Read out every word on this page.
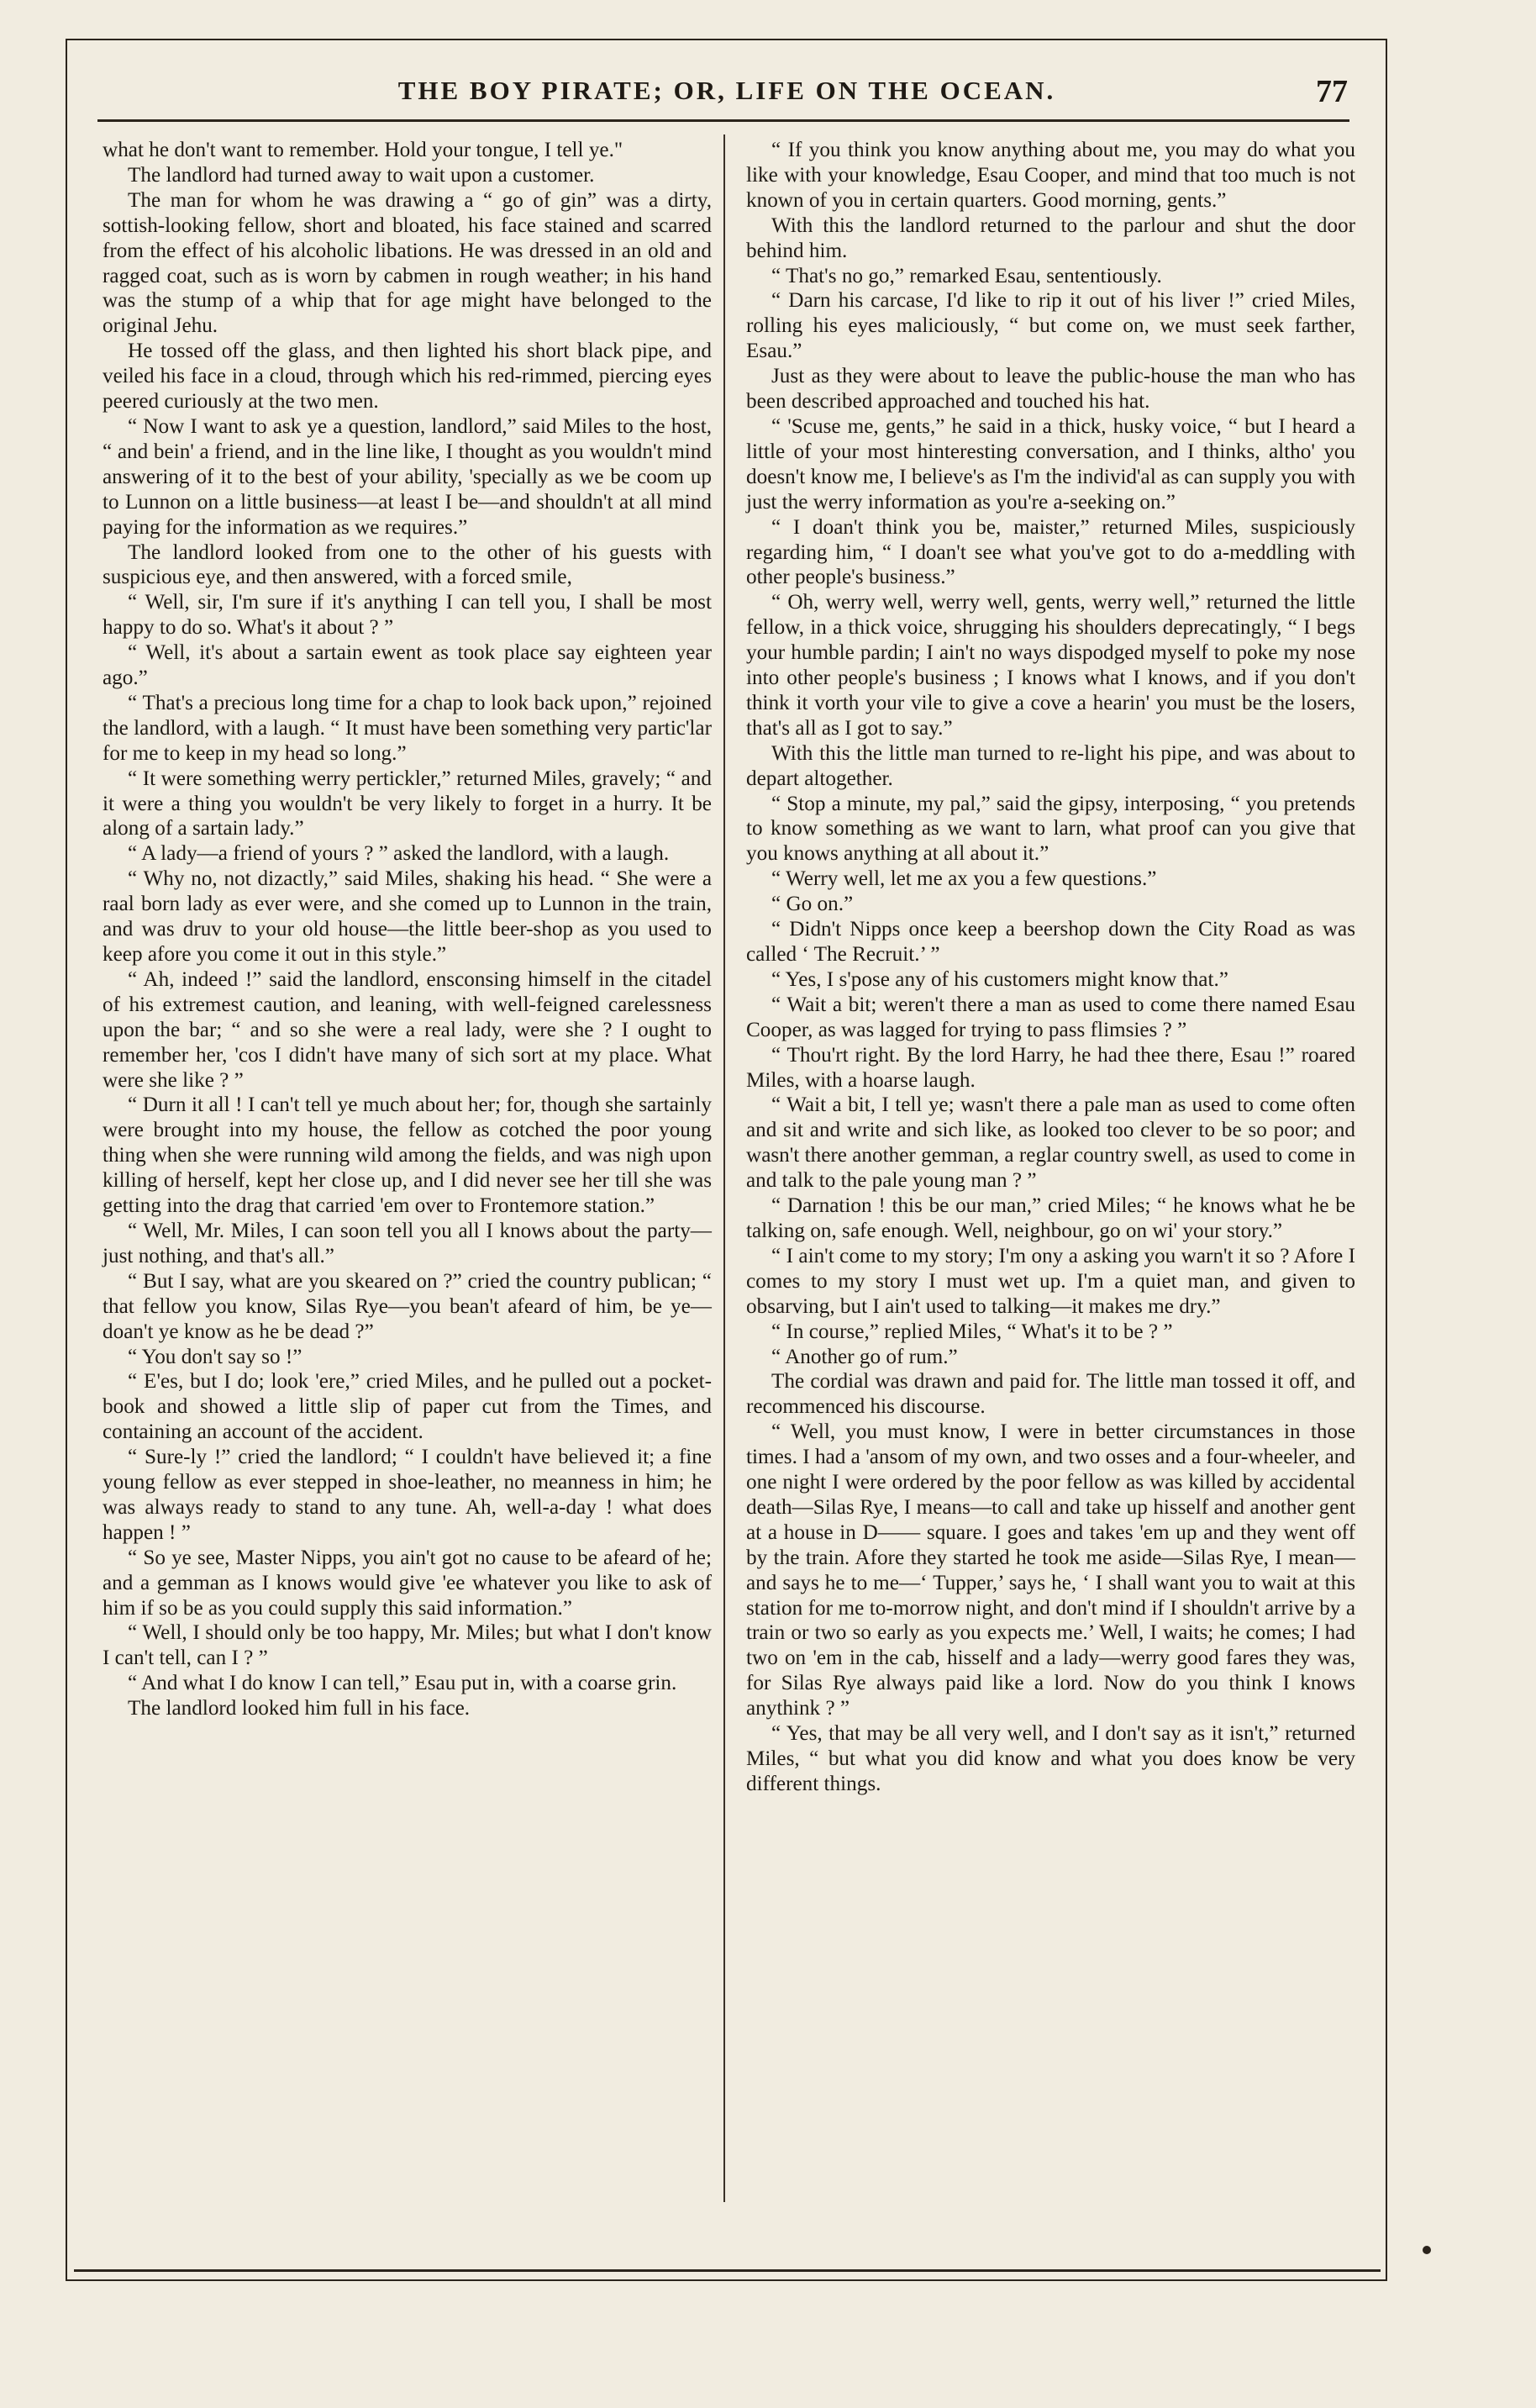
THE BOY PIRATE; OR, LIFE ON THE OCEAN.	77

what he don't want to remember. Hold your tongue, I tell ye."

The landlord had turned away to wait upon a customer.

The man for whom he was drawing a “ go of gin” was a dirty, sottish-looking fellow, short and bloated, his face stained and scarred from the effect of his alcoholic libations. He was dressed in an old and ragged coat, such as is worn by cabmen in rough weather; in his hand was the stump of a whip that for age might have belonged to the original Jehu.

He tossed off the glass, and then lighted his short black pipe, and veiled his face in a cloud, through which his red-rimmed, piercing eyes peered curiously at the two men.

“ Now I want to ask ye a question, landlord,” said Miles to the host, “ and bein' a friend, and in the line like, I thought as you wouldn't mind answering of it to the best of your ability, 'specially as we be coom up to Lunnon on a little business—at least I be—and shouldn't at all mind paying for the information as we requires.”

The landlord looked from one to the other of his guests with suspicious eye, and then answered, with a forced smile,

“ Well, sir, I'm sure if it's anything I can tell you, I shall be most happy to do so. What's it about ? ”

“ Well, it's about a sartain ewent as took place say eighteen year ago.”

“ That's a precious long time for a chap to look back upon,” rejoined the landlord, with a laugh. “ It must have been something very partic'lar for me to keep in my head so long.”

“ It were something werry pertickler,” returned Miles, gravely; “ and it were a thing you wouldn't be very likely to forget in a hurry. It be along of a sartain lady.”

“ A lady—a friend of yours ? ” asked the landlord, with a laugh.

“ Why no, not dizactly,” said Miles, shaking his head. “ She were a raal born lady as ever were, and she comed up to Lunnon in the train, and was druv to your old house—the little beer-shop as you used to keep afore you come it out in this style.”

“ Ah, indeed !” said the landlord, ensconsing himself in the citadel of his extremest caution, and leaning, with well-feigned carelessness upon the bar; “ and so she were a real lady, were she ? I ought to remember her, 'cos I didn't have many of sich sort at my place. What were she like ? ”

“ Durn it all ! I can't tell ye much about her; for, though she sartainly were brought into my house, the fellow as cotched the poor young thing when she were running wild among the fields, and was nigh upon killing of herself, kept her close up, and I did never see her till she was getting into the drag that carried 'em over to Frontemore station.”

“ Well, Mr. Miles, I can soon tell you all I knows about the party—just nothing, and that's all.”

“ But I say, what are you skeared on ?” cried the country publican; “ that fellow you know, Silas Rye—you bean't afeard of him, be ye—doan't ye know as he be dead ?”

“ You don't say so !”

“ E'es, but I do; look 'ere,” cried Miles, and he pulled out a pocket-book and showed a little slip of paper cut from the Times, and containing an account of the accident.

“ Sure-ly !” cried the landlord; “ I couldn't have believed it; a fine young fellow as ever stepped in shoe-leather, no meanness in him; he was always ready to stand to any tune. Ah, well-a-day ! what does happen ! ”

“ So ye see, Master Nipps, you ain't got no cause to be afeard of he; and a gemman as I knows would give 'ee whatever you like to ask of him if so be as you could supply this said information.”

“ Well, I should only be too happy, Mr. Miles; but what I don't know I can't tell, can I ? ”

“ And what I do know I can tell,” Esau put in, with a coarse grin.

The landlord looked him full in his face.

“ If you think you know anything about me, you may do what you like with your knowledge, Esau Cooper, and mind that too much is not known of you in certain quarters. Good morning, gents.”

With this the landlord returned to the parlour and shut the door behind him.

“ That's no go,” remarked Esau, sententiously.

“ Darn his carcase, I'd like to rip it out of his liver !” cried Miles, rolling his eyes maliciously, “ but come on, we must seek farther, Esau.”

Just as they were about to leave the public-house the man who has been described approached and touched his hat.

“ 'Scuse me, gents,” he said in a thick, husky voice, “ but I heard a little of your most hinteresting conversation, and I thinks, altho' you doesn't know me, I believe's as I'm the individ'al as can supply you with just the werry information as you're a-seeking on.”

“ I doan't think you be, maister,” returned Miles, suspiciously regarding him, “ I doan't see what you've got to do a-meddling with other people's business.”

“ Oh, werry well, werry well, gents, werry well,” returned the little fellow, in a thick voice, shrugging his shoulders deprecatingly, “ I begs your humble pardin; I ain't no ways dispodged myself to poke my nose into other people's business ; I knows what I knows, and if you don't think it vorth your vile to give a cove a hearin' you must be the losers, that's all as I got to say.”

With this the little man turned to re-light his pipe, and was about to depart altogether.

“ Stop a minute, my pal,” said the gipsy, interposing, “ you pretends to know something as we want to larn, what proof can you give that you knows anything at all about it.”

“ Werry well, let me ax you a few questions.”

“ Go on.”

“ Didn't Nipps once keep a beershop down the City Road as was called ‘ The Recruit.’ ”

“ Yes, I s'pose any of his customers might know that.”

“ Wait a bit; weren't there a man as used to come there named Esau Cooper, as was lagged for trying to pass flimsies ? ”

“ Thou'rt right. By the lord Harry, he had thee there, Esau !” roared Miles, with a hoarse laugh.

“ Wait a bit, I tell ye; wasn't there a pale man as used to come often and sit and write and sich like, as looked too clever to be so poor; and wasn't there another gemman, a reglar country swell, as used to come in and talk to the pale young man ? ”

“ Darnation ! this be our man,” cried Miles; “ he knows what he be talking on, safe enough. Well, neighbour, go on wi' your story.”

“ I ain't come to my story; I'm ony a asking you warn't it so ? Afore I comes to my story I must wet up. I'm a quiet man, and given to obsarving, but I ain't used to talking—it makes me dry.”

“ In course,” replied Miles, “ What's it to be ? ”

“ Another go of rum.”

The cordial was drawn and paid for. The little man tossed it off, and recommenced his discourse.

“ Well, you must know, I were in better circumstances in those times. I had a 'ansom of my own, and two osses and a four-wheeler, and one night I were ordered by the poor fellow as was killed by accidental death—Silas Rye, I means—to call and take up hisself and another gent at a house in D—— square. I goes and takes 'em up and they went off by the train. Afore they started he took me aside—Silas Rye, I mean—and says he to me—‘ Tupper,’ says he, ‘ I shall want you to wait at this station for me to-morrow night, and don't mind if I shouldn't arrive by a train or two so early as you expects me.’ Well, I waits; he comes; I had two on 'em in the cab, hisself and a lady—werry good fares they was, for Silas Rye always paid like a lord. Now do you think I knows anythink ? ”

“ Yes, that may be all very well, and I don't say as it isn't,” returned Miles, “ but what you did know and what you does know be very different things.
